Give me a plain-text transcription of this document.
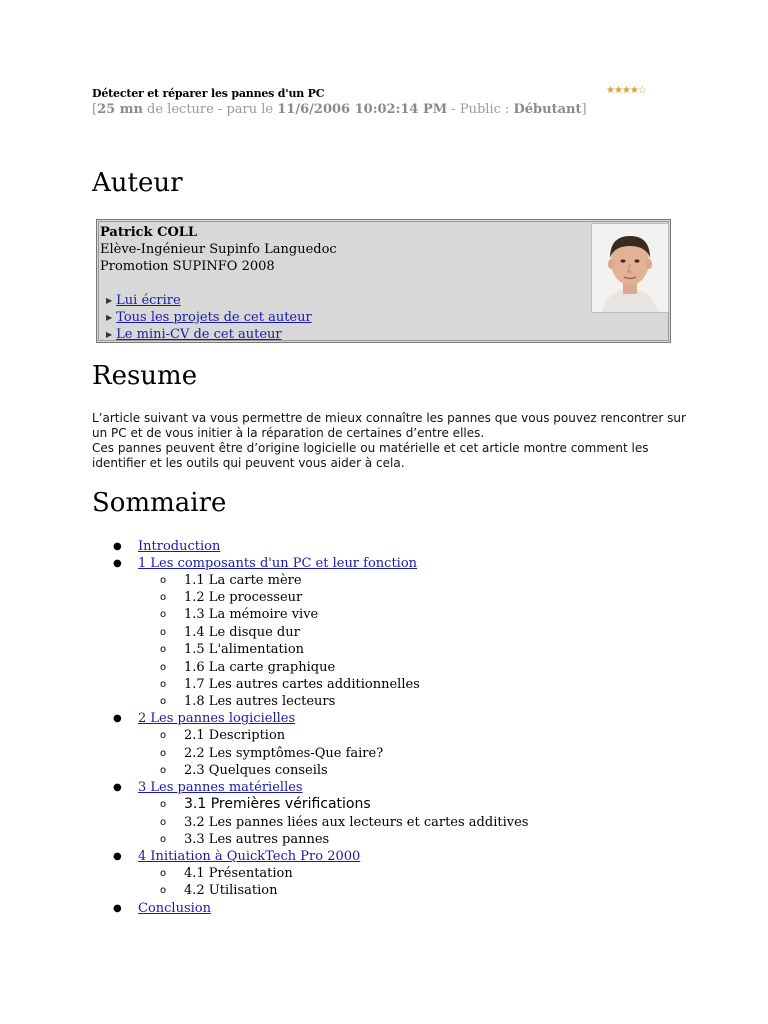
Détecter et réparer les pannes d'un PC	★★★★☆
[25 mn de lecture - paru le 11/6/2006 10:02:14 PM - Public : Débutant]
Auteur
Patrick COLL
Elève-Ingénieur Supinfo Languedoc
Promotion SUPINFO 2008
▶ Lui écrire
▶ Tous les projets de cet auteur
▶ Le mini-CV de cet auteur
Resume

L’article suivant va vous permettre de mieux connaître les pannes que vous pouvez rencontrer sur un PC et de vous initier à la réparation de certaines d’entre elles.

Ces pannes peuvent être d’origine logicielle ou matérielle et cet article montre comment les identifier et les outils qui peuvent vous aider à cela.

Sommaire
● Introduction
● 1 Les composants d'un PC et leur fonction
o 1.1 La carte mère
o 1.2 Le processeur
o 1.3 La mémoire vive
o 1.4 Le disque dur
o 1.5 L'alimentation
o 1.6 La carte graphique
o 1.7 Les autres cartes additionnelles
o 1.8 Les autres lecteurs
● 2 Les pannes logicielles
o 2.1 Description
o 2.2 Les symptômes-Que faire?
o 2.3 Quelques conseils
● 3 Les pannes matérielles
o 3.1 Premières vérifications
o 3.2 Les pannes liées aux lecteurs et cartes additives
o 3.3 Les autres pannes
● 4 Initiation à QuickTech Pro 2000
o 4.1 Présentation
o 4.2 Utilisation
● Conclusion
